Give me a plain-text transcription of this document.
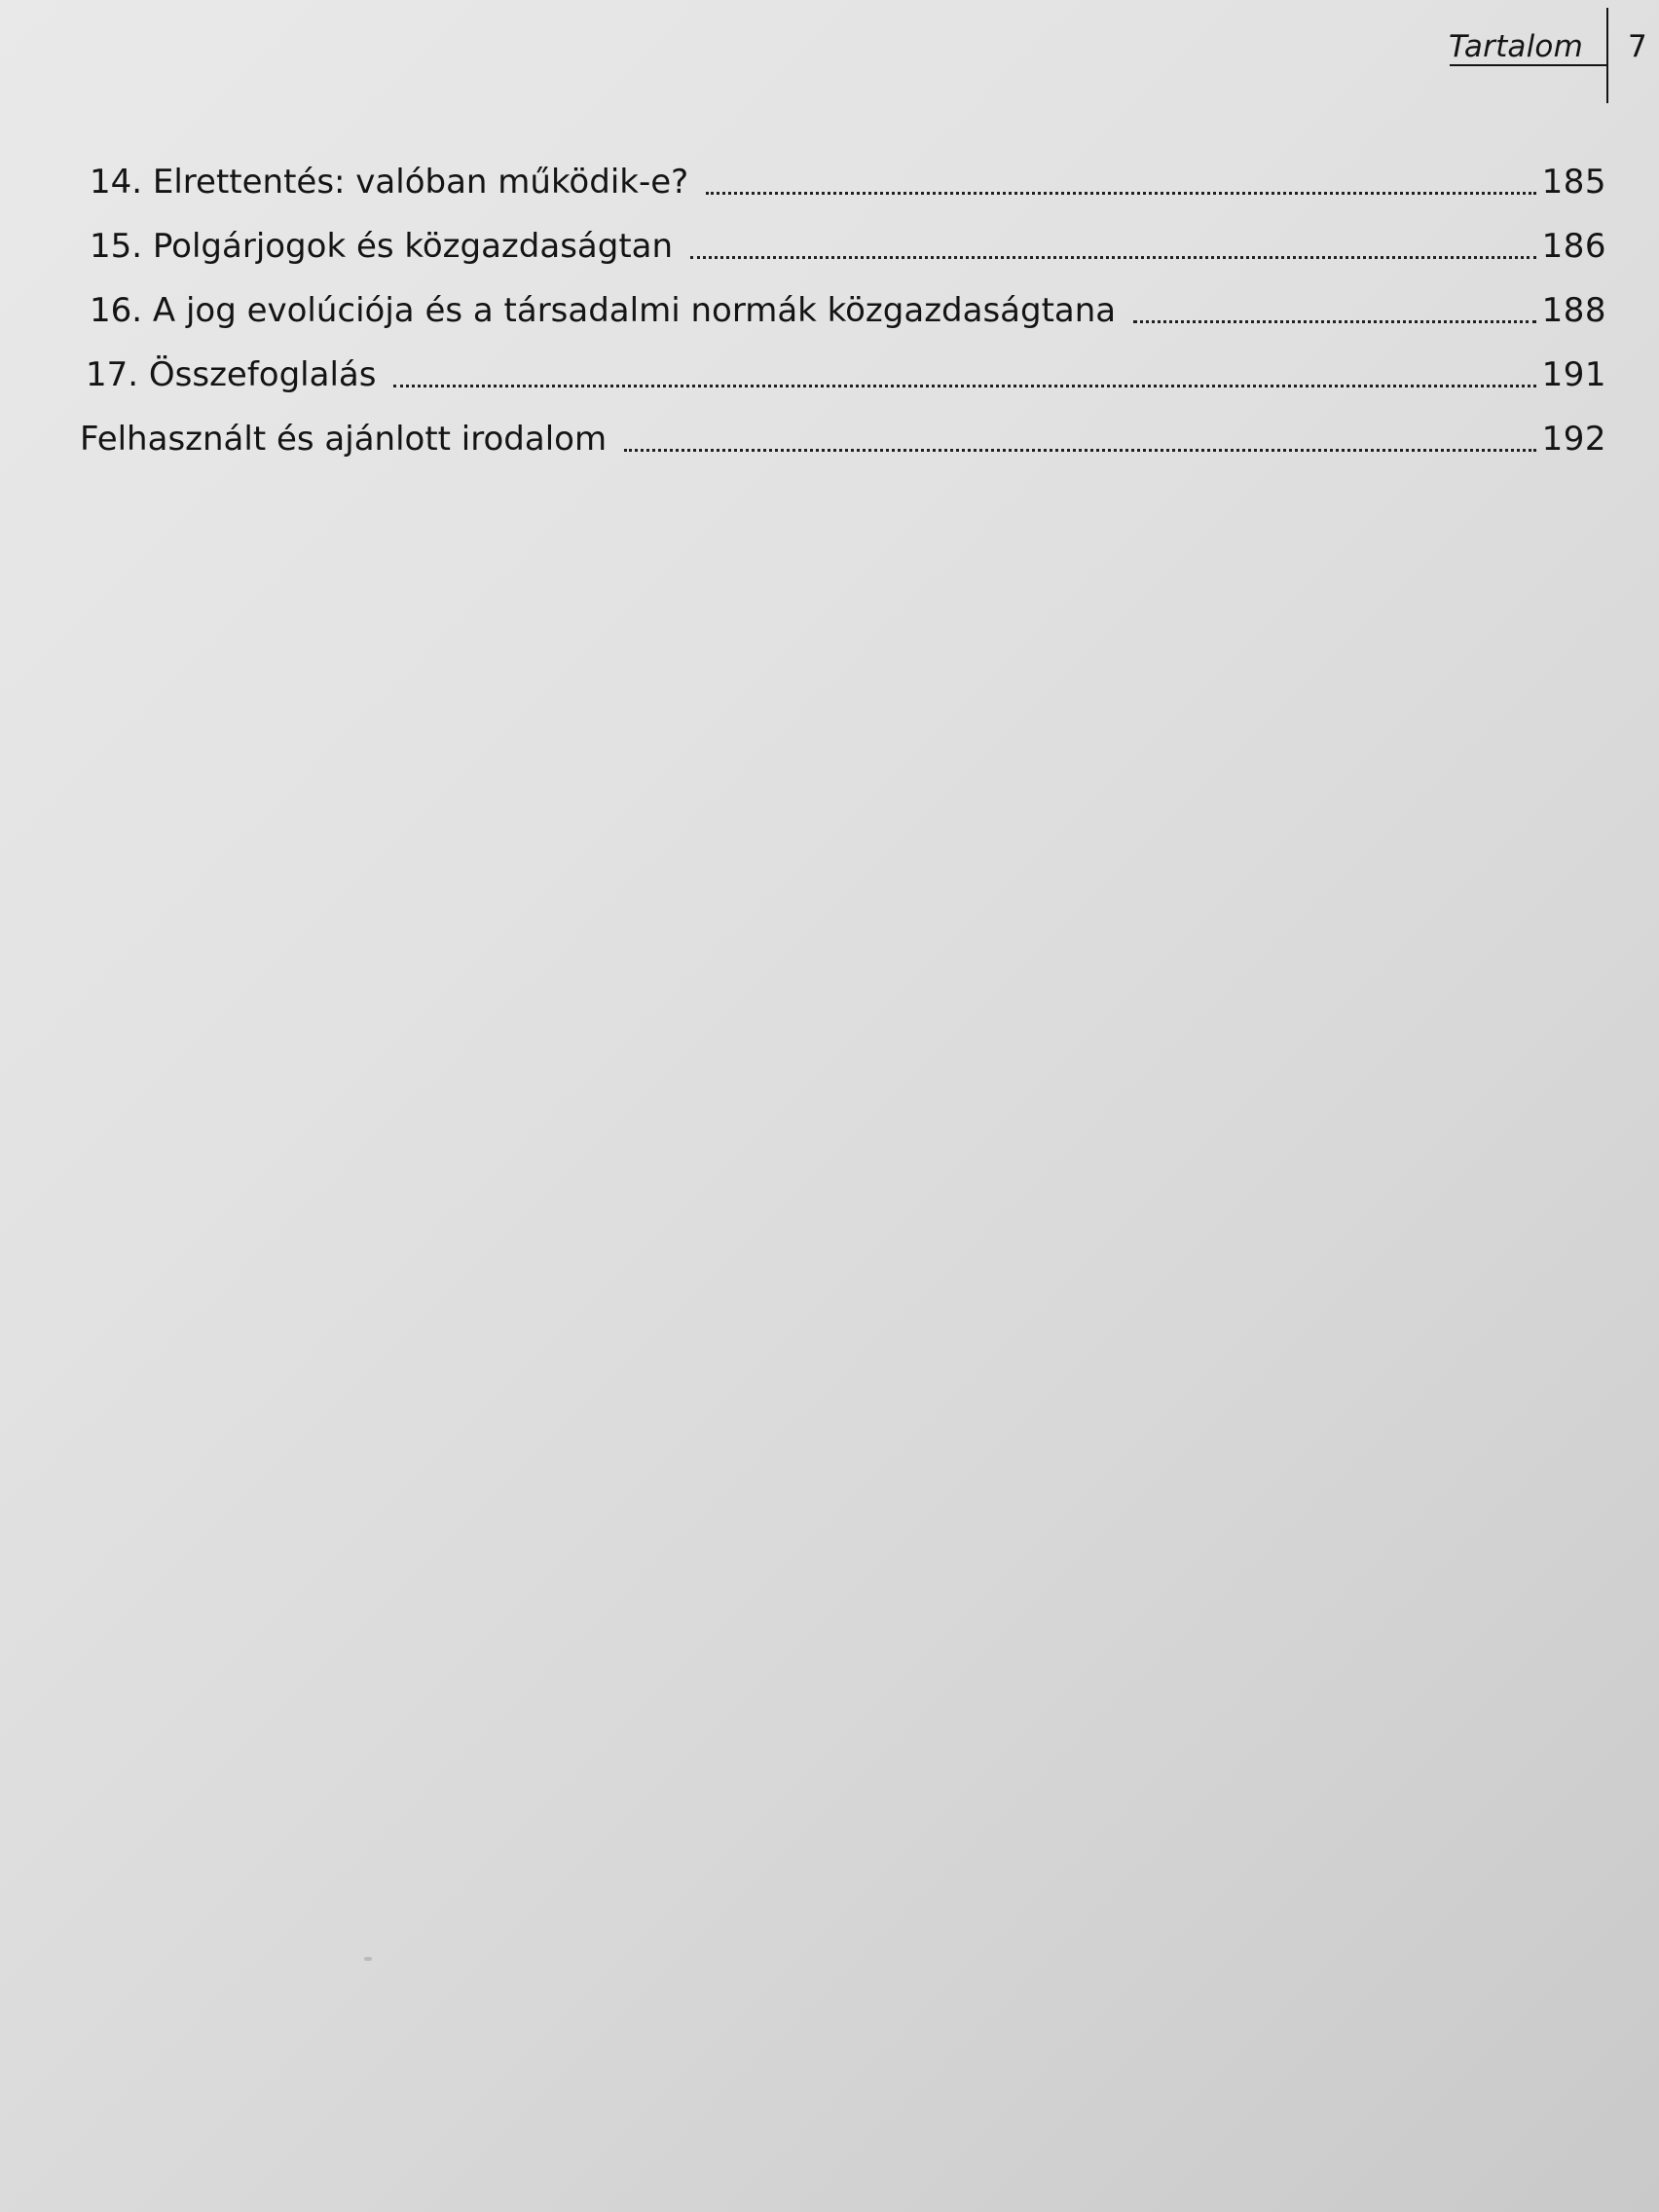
Tartalom 7
14. Elrettentés: valóban működik-e?	185
15. Polgárjogok és közgazdaságtan	186
16. A jog evolúciója és a társadalmi normák közgazdaságtana	188
17. Összefoglalás	191
Felhasznált és ajánlott irodalom	192
